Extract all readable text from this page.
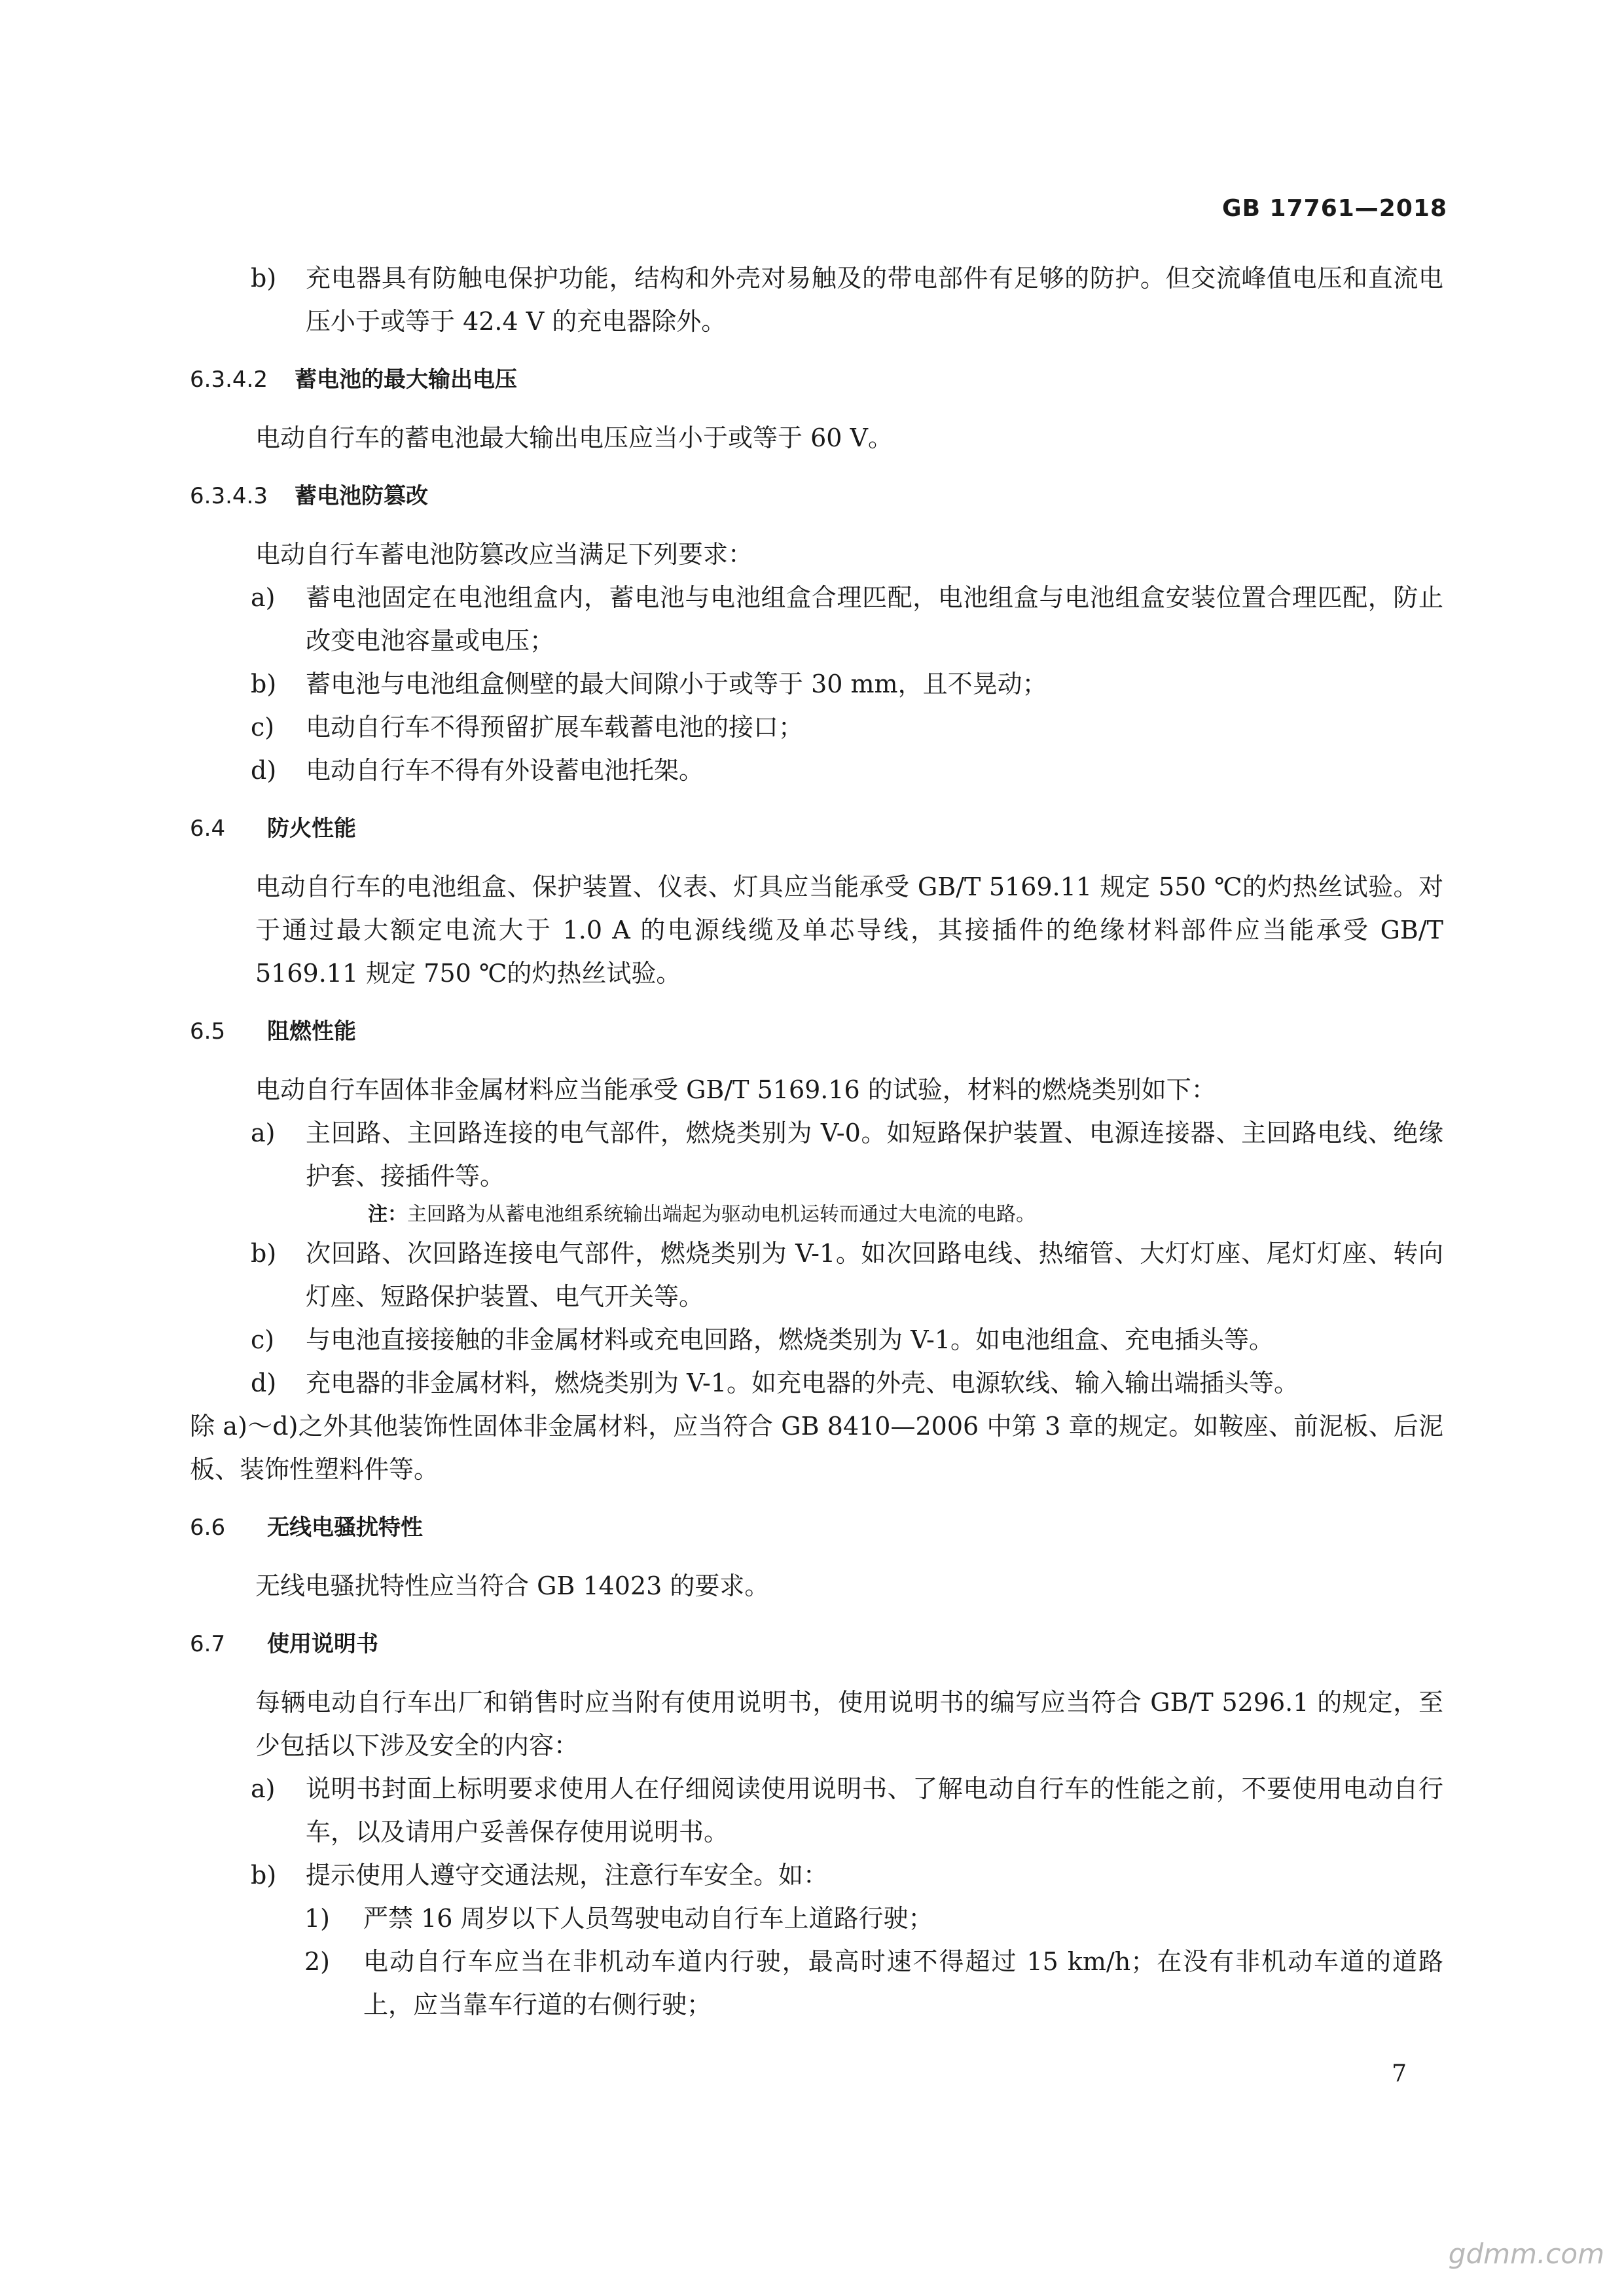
GB 17761—2018
b)	充电器具有防触电保护功能，结构和外壳对易触及的带电部件有足够的防护。但交流峰值电压和直流电压小于或等于 42.4 V 的充电器除外。
6.3.4.2	蓄电池的最大输出电压

电动自行车的蓄电池最大输出电压应当小于或等于 60 V。

6.3.4.3	蓄电池防篡改

电动自行车蓄电池防篡改应当满足下列要求：

a)	蓄电池固定在电池组盒内，蓄电池与电池组盒合理匹配，电池组盒与电池组盒安装位置合理匹配，防止改变电池容量或电压；
b)	蓄电池与电池组盒侧壁的最大间隙小于或等于 30 mm，且不晃动；
c)	电动自行车不得预留扩展车载蓄电池的接口；
d)	电动自行车不得有外设蓄电池托架。
6.4	防火性能

电动自行车的电池组盒、保护装置、仪表、灯具应当能承受 GB/T 5169.11 规定 550 ℃的灼热丝试验。对于通过最大额定电流大于 1.0 A 的电源线缆及单芯导线，其接插件的绝缘材料部件应当能承受 GB/T 5169.11 规定 750 ℃的灼热丝试验。

6.5	阻燃性能

电动自行车固体非金属材料应当能承受 GB/T 5169.16 的试验，材料的燃烧类别如下：

a)	主回路、主回路连接的电气部件，燃烧类别为 V-0。如短路保护装置、电源连接器、主回路电线、绝缘护套、接插件等。
注：主回路为从蓄电池组系统输出端起为驱动电机运转而通过大电流的电路。
b)	次回路、次回路连接电气部件，燃烧类别为 V-1。如次回路电线、热缩管、大灯灯座、尾灯灯座、转向灯座、短路保护装置、电气开关等。
c)	与电池直接接触的非金属材料或充电回路，燃烧类别为 V-1。如电池组盒、充电插头等。
d)	充电器的非金属材料，燃烧类别为 V-1。如充电器的外壳、电源软线、输入输出端插头等。

除 a)～d)之外其他装饰性固体非金属材料，应当符合 GB 8410—2006 中第 3 章的规定。如鞍座、前泥板、后泥板、装饰性塑料件等。

6.6	无线电骚扰特性

无线电骚扰特性应当符合 GB 14023 的要求。

6.7	使用说明书

每辆电动自行车出厂和销售时应当附有使用说明书，使用说明书的编写应当符合 GB/T 5296.1 的规定，至少包括以下涉及安全的内容：

a)	说明书封面上标明要求使用人在仔细阅读使用说明书、了解电动自行车的性能之前，不要使用电动自行车，以及请用户妥善保存使用说明书。
b)	提示使用人遵守交通法规，注意行车安全。如：
1)	严禁 16 周岁以下人员驾驶电动自行车上道路行驶；
2)	电动自行车应当在非机动车道内行驶，最高时速不得超过 15 km/h；在没有非机动车道的道路上，应当靠车行道的右侧行驶；
7
gdmm.com
